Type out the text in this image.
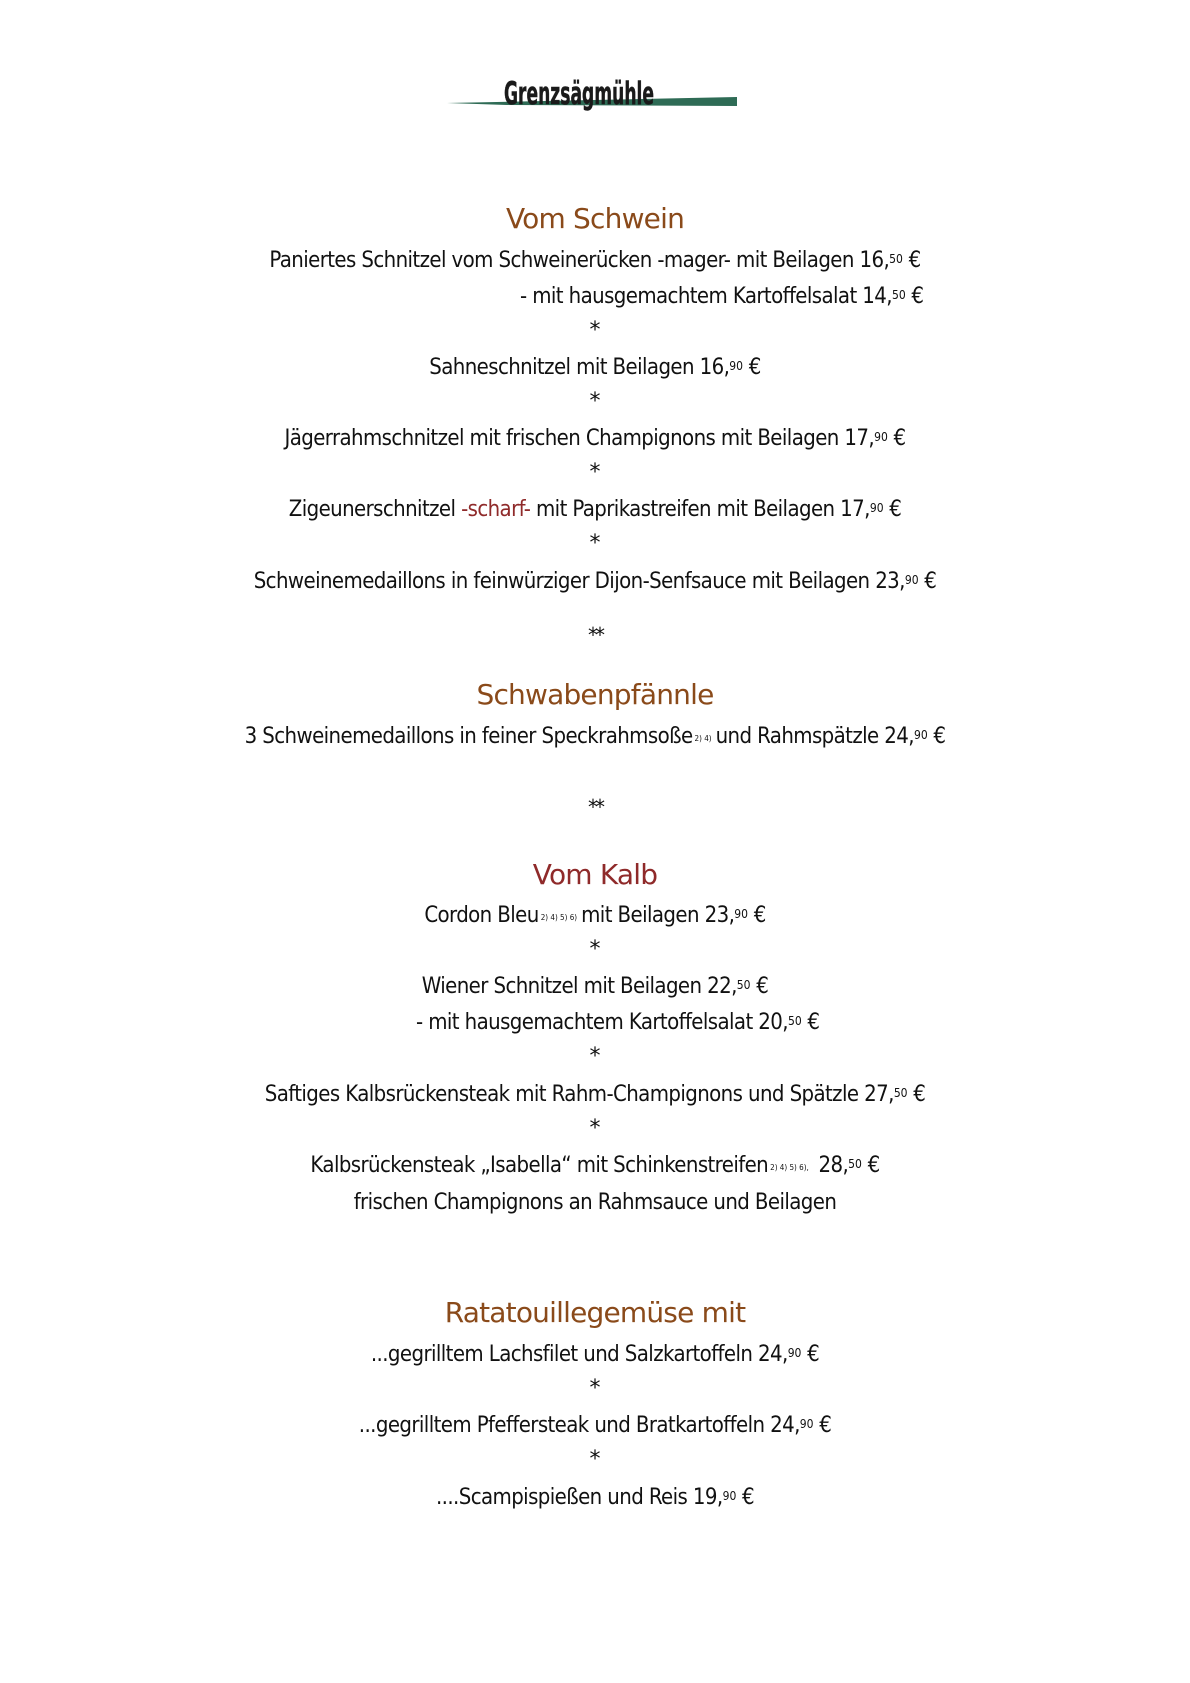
Grenzsägmühle
Vom Schwein
Paniertes Schnitzel vom Schweinerücken -mager- mit Beilagen 16,50 €
- mit hausgemachtem Kartoffelsalat 14,50 €
*
Sahneschnitzel mit Beilagen 16,90 €
*
Jägerrahmschnitzel mit frischen Champignons mit Beilagen 17,90 €
*
Zigeunerschnitzel -scharf- mit Paprikastreifen mit Beilagen 17,90 €
*
Schweinemedaillons in feinwürziger Dijon-Senfsauce mit Beilagen 23,90 €
**
Schwabenpfännle
3 Schweinemedaillons in feiner Speckrahmsoße $^{2) 4)}$ und Rahmspätzle 24,90 €
**
Vom Kalb
Cordon Bleu $^{2) 4) 5) 6)}$ mit Beilagen 23,90 €
*
Wiener Schnitzel mit Beilagen 22,50 €
- mit hausgemachtem Kartoffelsalat 20,50 €
*
Saftiges Kalbsrückensteak mit Rahm-Champignons und Spätzle 27,50 €
*
Kalbsrückensteak „Isabella“ mit Schinkenstreifen $^{2) 4) 5) 6),}$ 28,50 €
frischen Champignons an Rahmsauce und Beilagen
Ratatouillegemüse mit
...gegrilltem Lachsfilet und Salzkartoffeln 24,90 €
*
...gegrilltem Pfeffersteak und Bratkartoffeln 24,90 €
*
....Scampispießen und Reis 19,90 €
